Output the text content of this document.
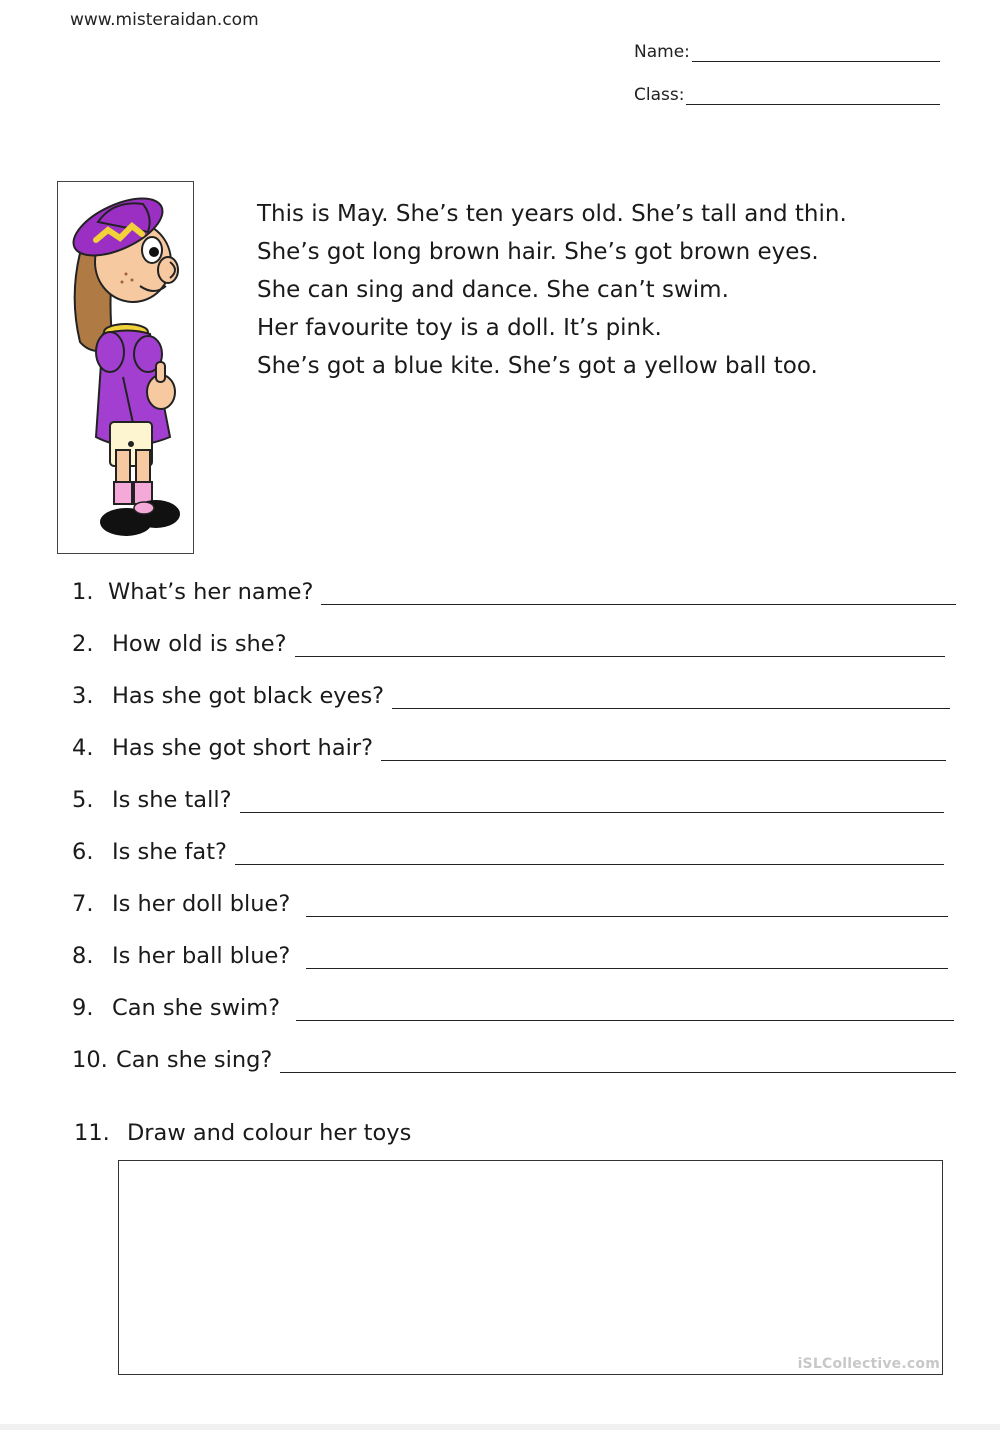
www.misteraidan.com
Name:
Class:
This is May. She’s ten years old. She’s tall and thin.
She’s got long brown hair. She’s got brown eyes.
She can sing and dance. She can’t swim.
Her favourite toy is a doll. It’s pink.
She’s got a blue kite. She’s got a yellow ball too.
1. What’s her name?
2. How old is she?
3. Has she got black eyes?
4. Has she got short hair?
5. Is she tall?
6. Is she fat?
7. Is her doll blue?
8. Is her ball blue?
9. Can she swim?
10. Can she sing?
11. Draw and colour her toys
iSLCollective.com
